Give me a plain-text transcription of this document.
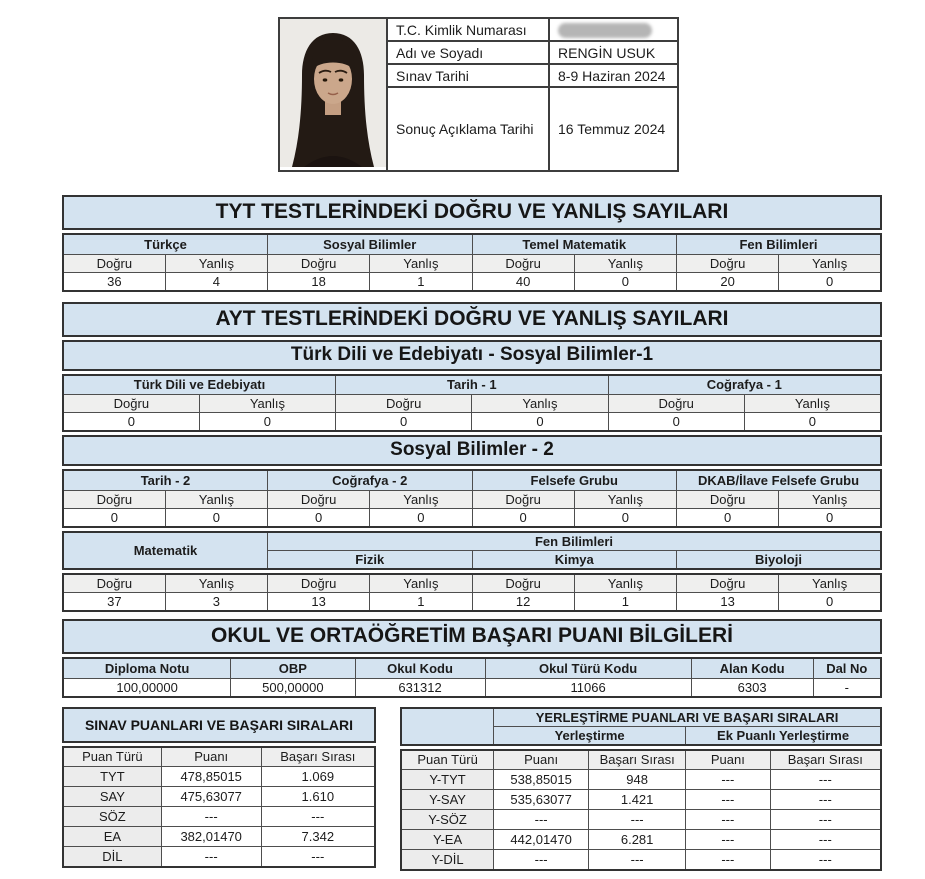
	T.C. Kimlik Numarası	
	Adı ve Soyadı	RENGİN USUK
	Sınav Tarihi	8-9 Haziran 2024
	Sonuç Açıklama Tarihi	16 Temmuz 2024
TYT TESTLERİNDEKİ DOĞRU VE YANLIŞ SAYILARI
Türkçe		Sosyal Bilimler		Temel Matematik		Fen Bilimleri	
Doğru	Yanlış	Doğru	Yanlış	Doğru	Yanlış	Doğru	Yanlış
36	4	18	1	40	0	20	0
AYT TESTLERİNDEKİ DOĞRU VE YANLIŞ SAYILARI
Türk Dili ve Edebiyatı - Sosyal Bilimler-1
Türk Dili ve Edebiyatı		Tarih - 1		Coğrafya - 1	
Doğru	Yanlış	Doğru	Yanlış	Doğru	Yanlış
0	0	0	0	0	0
Sosyal Bilimler - 2
Tarih - 2		Coğrafya - 2		Felsefe Grubu		DKAB/İlave Felsefe Grubu	
Doğru	Yanlış	Doğru	Yanlış	Doğru	Yanlış	Doğru	Yanlış
0	0	0	0	0	0	0	0
Matematik	Fen Bilimleri		
	Fizik	Kimya	Biyoloji
Doğru	Yanlış	Doğru	Yanlış	Doğru	Yanlış	Doğru	Yanlış
37	3	13	1	12	1	13	0
OKUL VE ORTAÖĞRETİM BAŞARI PUANI BİLGİLERİ
Diploma Notu	OBP	Okul Kodu	Okul Türü Kodu	Alan Kodu	Dal No
100,00000	500,00000	631312	11066	6303	-
SINAV PUANLARI VE BAŞARI SIRALARI
Puan Türü	Puanı	Başarı Sırası
TYT	478,85015	1.069
SAY	475,63077	1.610
SÖZ	---	---
EA	382,01470	7.342
DİL	---	---
	YERLEŞTİRME PUANLARI VE BAŞARI SIRALARI	
	Yerleştirme	Ek Puanlı Yerleştirme
Puan Türü	Puanı	Başarı Sırası	Puanı	Başarı Sırası
Y-TYT	538,85015	948	---	---
Y-SAY	535,63077	1.421	---	---
Y-SÖZ	---	---	---	---
Y-EA	442,01470	6.281	---	---
Y-DİL	---	---	---	---
